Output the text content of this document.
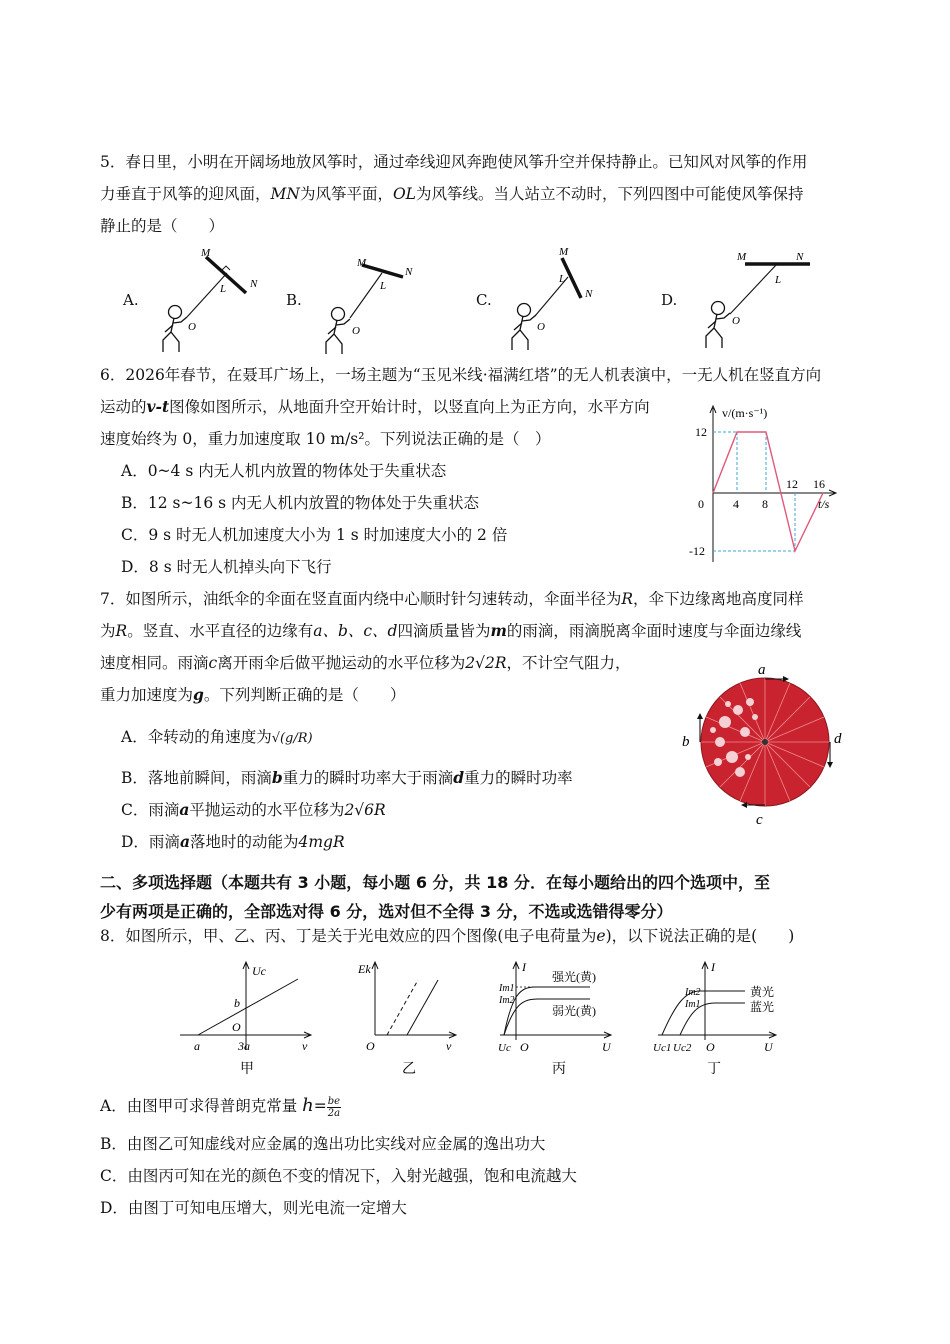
5．春日里，小明在开阔场地放风筝时，通过牵线迎风奔跑使风筝升空并保持静止。已知风对风筝的作用
力垂直于风筝的迎风面，MN为风筝平面，OL为风筝线。当人站立不动时，下列四图中可能使风筝保持
静止的是（　　）
A.	B.	C.	D.
M
N
L
O
M
N
L
O
M
N
L
O
M	N
L
O
6．2026年春节，在聂耳广场上，一场主题为“玉见米线·福满红塔”的无人机表演中，一无人机在竖直方向
运动的v-t图像如图所示，从地面升空开始计时，以竖直向上为正方向，水平方向
速度始终为 0，重力加速度取 10 m/s²。下列说法正确的是（　）
A．0~4 s 内无人机内放置的物体处于失重状态
B．12 s~16 s 内无人机内放置的物体处于失重状态
C．9 s 时无人机加速度大小为 1 s 时加速度大小的 2 倍
D．8 s 时无人机掉头向下飞行
v/(m·s⁻¹)
t/s
0 4 8
12 16
12
-12
7．如图所示，油纸伞的伞面在竖直面内绕中心顺时针匀速转动，伞面半径为R，伞下边缘离地高度同样
为R。竖直、水平直径的边缘有a、b、c、d四滴质量皆为m的雨滴，雨滴脱离伞面时速度与伞面边缘线
速度相同。雨滴c离开雨伞后做平抛运动的水平位移为2√2R，不计空气阻力，
重力加速度为g。下列判断正确的是（　　）
A．伞转动的角速度为√(g/R)
B．落地前瞬间，雨滴b重力的瞬时功率大于雨滴d重力的瞬时功率
C．雨滴a平抛运动的水平位移为2√6R
D．雨滴a落地时的动能为4mgR
a
b
c
d
二、多项选择题（本题共有 3 小题，每小题 6 分，共 18 分．在每小题给出的四个选项中，至
少有两项是正确的，全部选对得 6 分，选对但不全得 3 分，不选或选错得零分）
8．如图所示，甲、乙、丙、丁是关于光电效应的四个图像(电子电荷量为e)，以下说法正确的是(　　)
Uc
ν
b
O
a	3a
甲
Ek
ν
O
乙
I
U
Im1
Im2
强光(黄)
弱光(黄)
Uc O
丙
I
U
Im2
Im1
黄光
蓝光
Uc1 Uc2 O
丁
A．由图甲可求得普朗克常量 $h= \frac{be}{2a}$
B．由图乙可知虚线对应金属的逸出功比实线对应金属的逸出功大
C．由图丙可知在光的颜色不变的情况下，入射光越强，饱和电流越大
D．由图丁可知电压增大，则光电流一定增大
